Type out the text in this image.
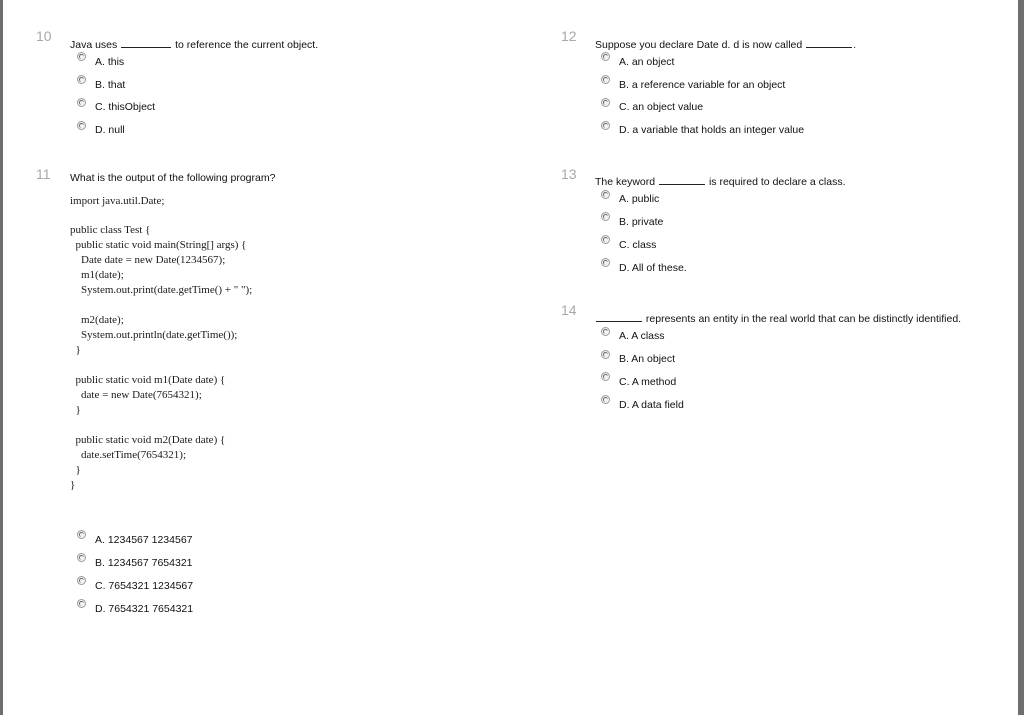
10
Java uses	to reference the current object.
A. this
B. that
C. thisObject
D. null
11 What is the output of the following program?
import java.util.Date;
public class Test {
public static void main(String[] args) {
Date date = new Date(1234567);
m1(date);
System.out.print(date.getTime() + " ");
m2(date);
System.out.println(date.getTime());
}
public static void m1(Date date) {
date = new Date(7654321);
}
public static void m2(Date date) {
date.setTime(7654321);
}
}
A. 1234567 1234567
B. 1234567 7654321
C. 7654321 1234567
D. 7654321 7654321
12
Suppose you declare Date d. d is now called	.
A. an object
B. a reference variable for an object
C. an object value
D. a variable that holds an integer value
13 The keyword	is required to declare a class.
A. public
B. private
C. class
D. All of these.
14
represents an entity in the real world that can be distinctly identified.
A. A class
B. An object
C. A method
D. A data field
